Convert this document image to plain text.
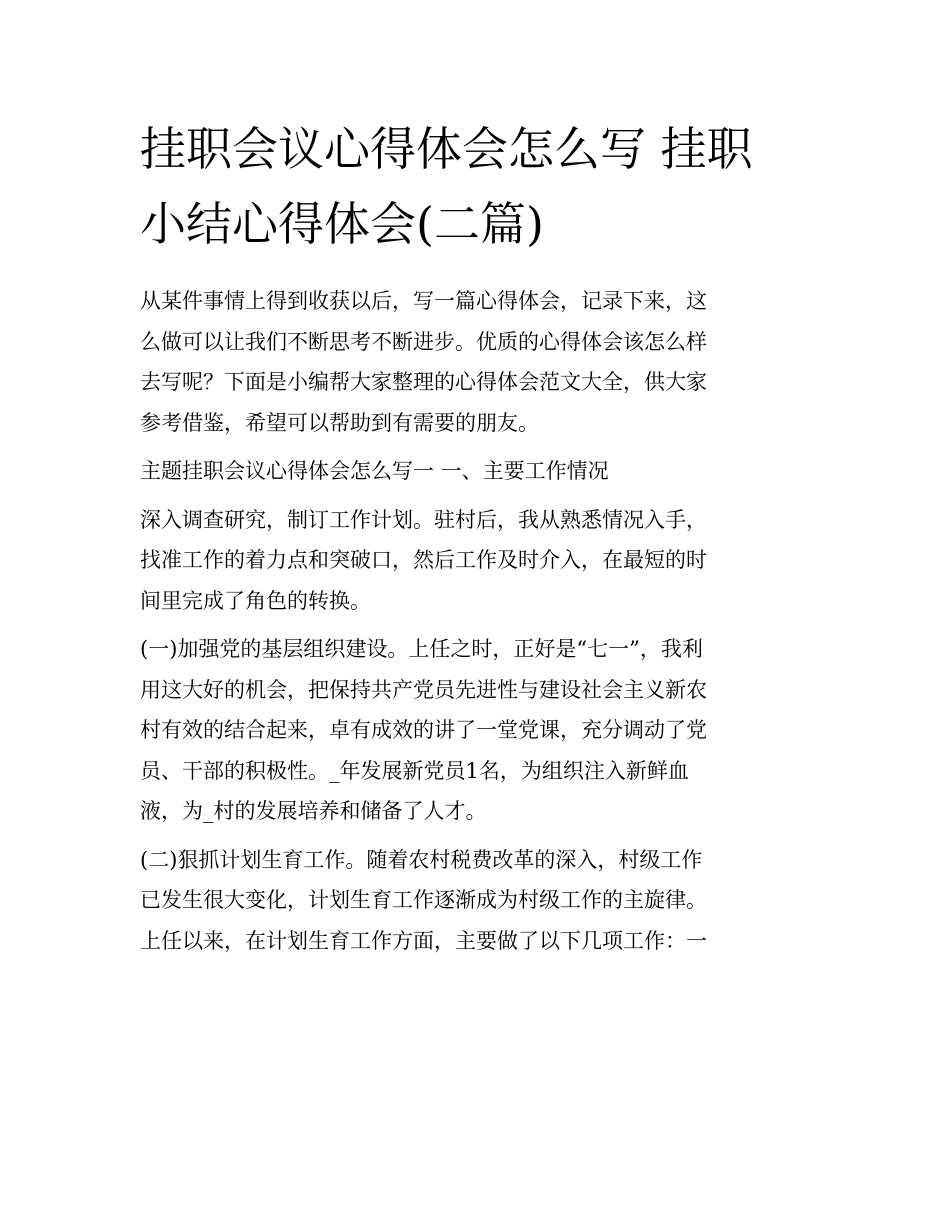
挂职会议心得体会怎么写 挂职
小结心得体会(二篇)

从某件事情上得到收获以后，写一篇心得体会，记录下来，这
么做可以让我们不断思考不断进步。优质的心得体会该怎么样
去写呢？下面是小编帮大家整理的心得体会范文大全，供大家
参考借鉴，希望可以帮助到有需要的朋友。

主题挂职会议心得体会怎么写一 一、主要工作情况

深入调查研究，制订工作计划。驻村后，我从熟悉情况入手，
找准工作的着力点和突破口，然后工作及时介入，在最短的时
间里完成了角色的转换。

(一)加强党的基层组织建设。上任之时，正好是“七一”，我利
用这大好的机会，把保持共产党员先进性与建设社会主义新农
村有效的结合起来，卓有成效的讲了一堂党课，充分调动了党
员、干部的积极性。_年发展新党员1名，为组织注入新鲜血
液，为_村的发展培养和储备了人才。

(二)狠抓计划生育工作。随着农村税费改革的深入，村级工作
已发生很大变化，计划生育工作逐渐成为村级工作的主旋律。
上任以来，在计划生育工作方面，主要做了以下几项工作：一
